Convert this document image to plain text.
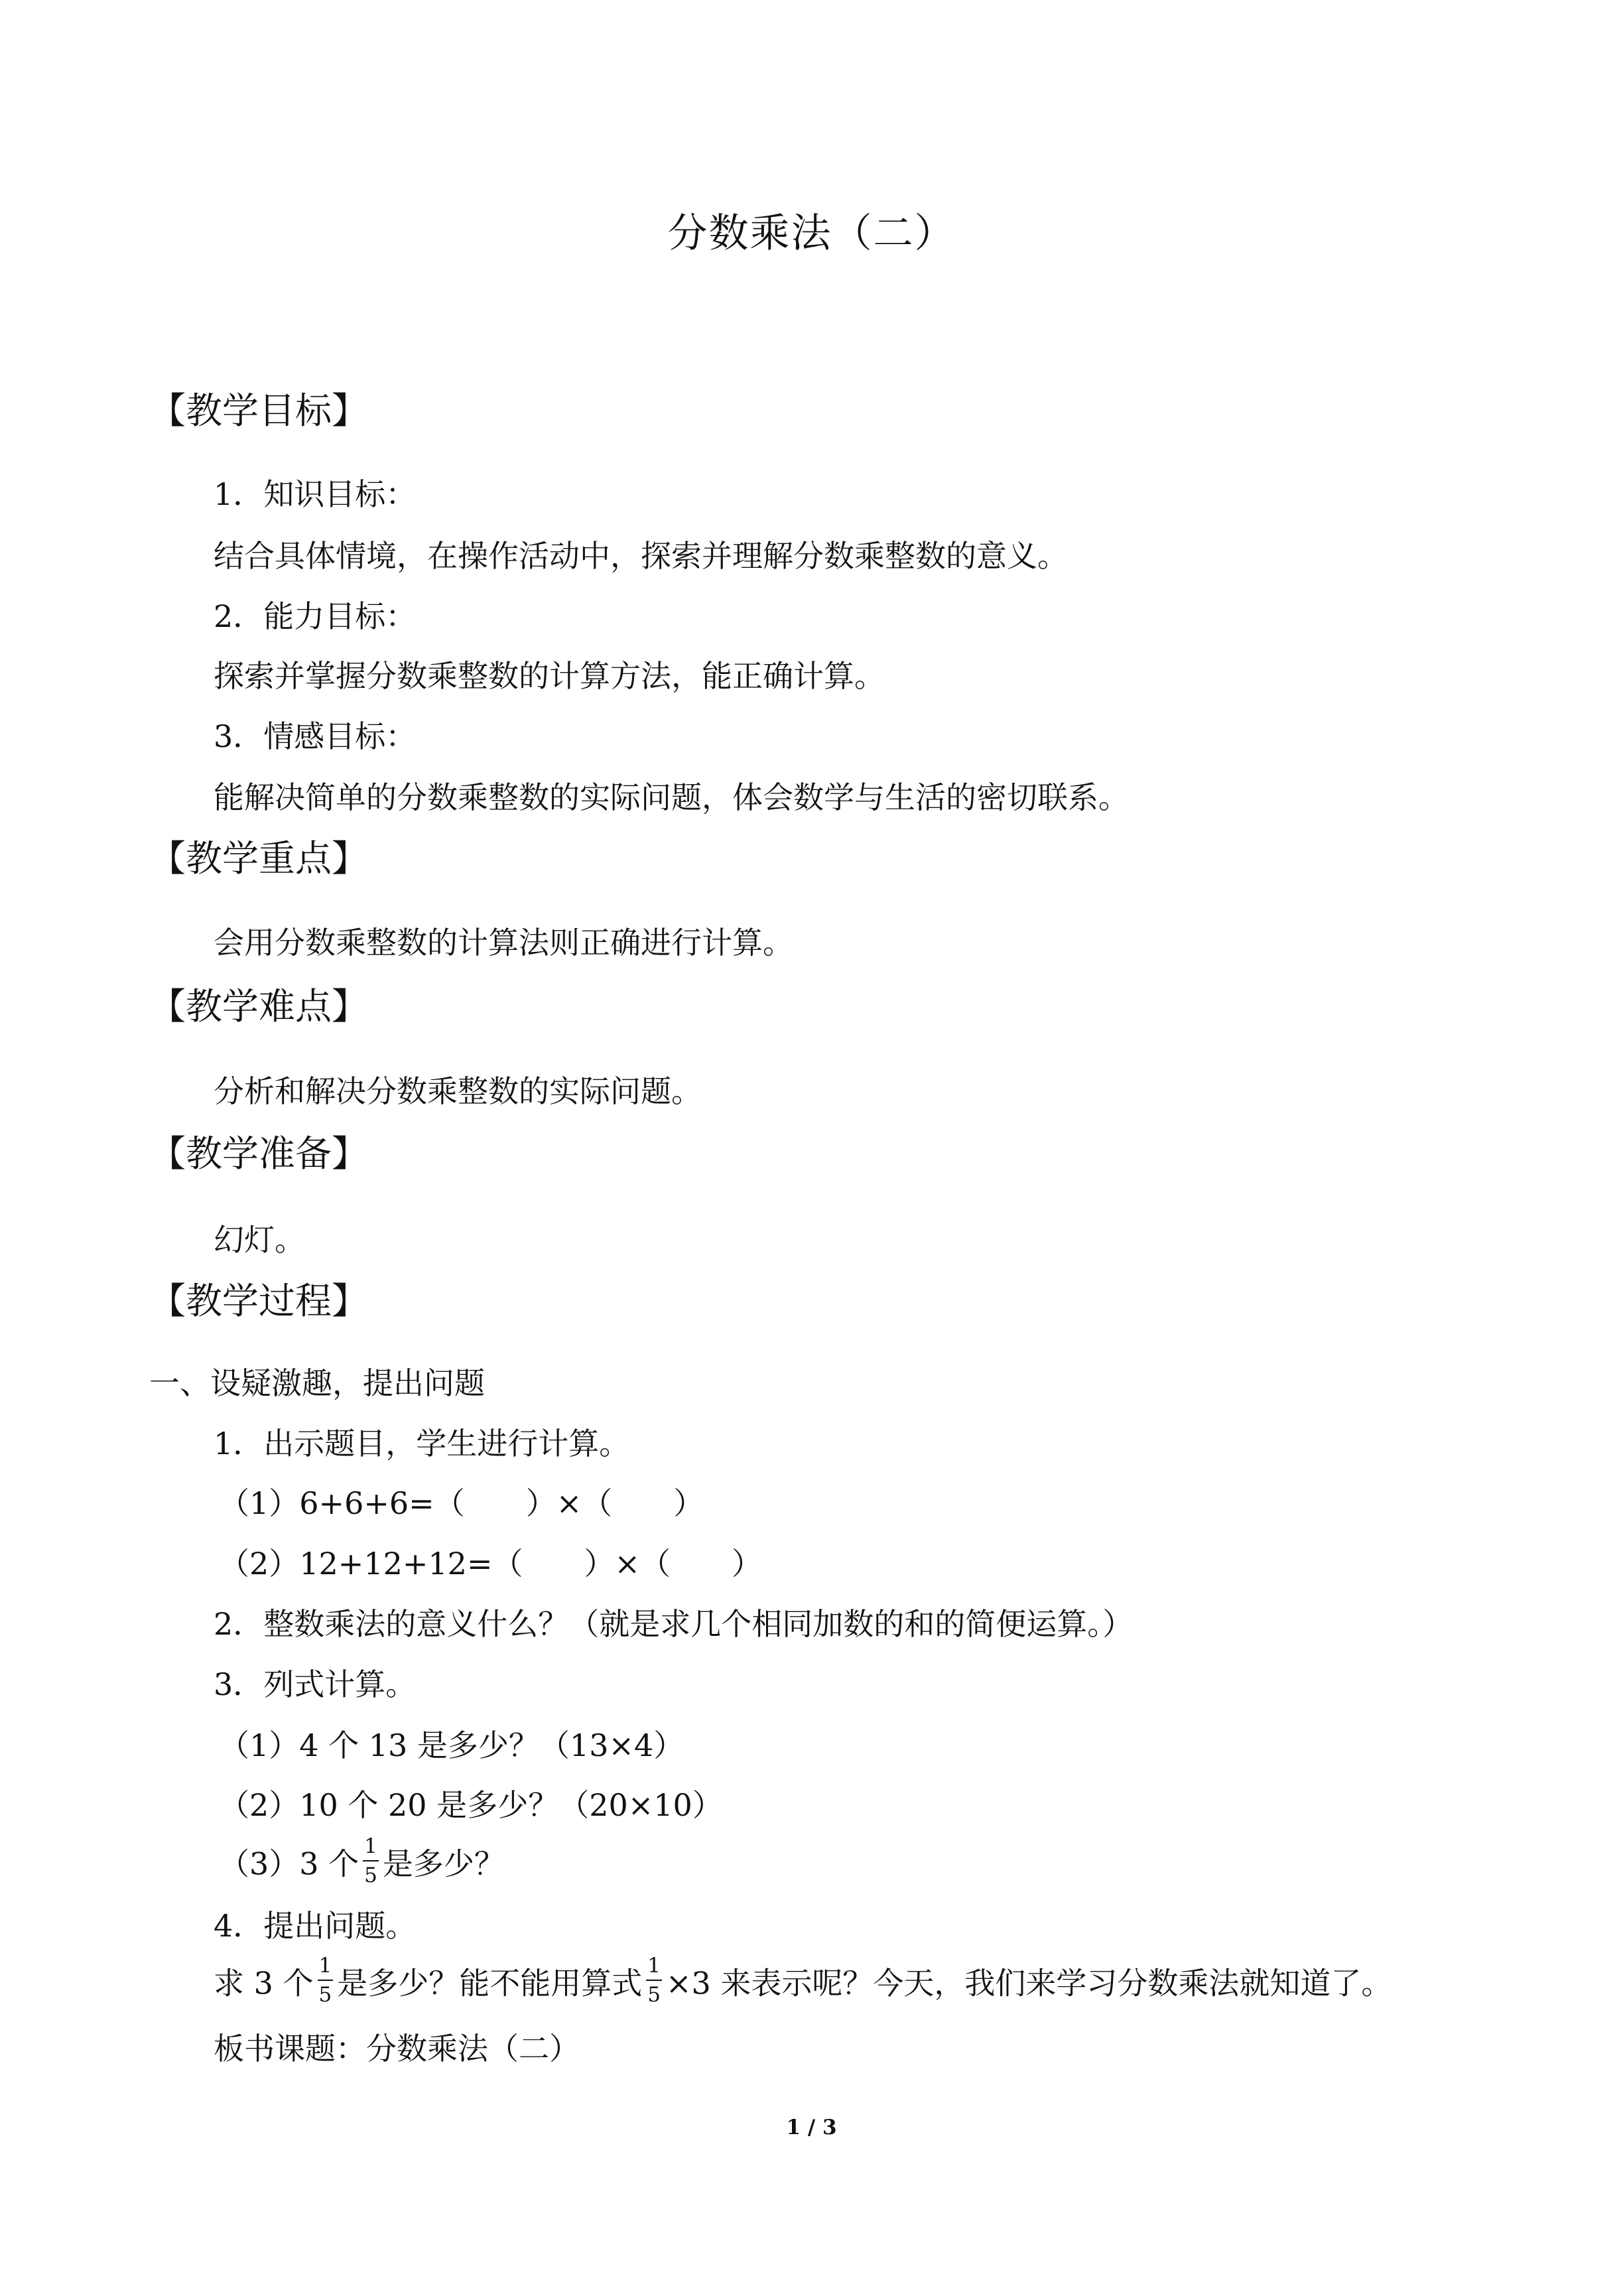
分数乘法（二）
【教学目标】
1．知识目标：
结合具体情境，在操作活动中，探索并理解分数乘整数的意义。
2．能力目标：
探索并掌握分数乘整数的计算方法，能正确计算。
3．情感目标：
能解决简单的分数乘整数的实际问题，体会数学与生活的密切联系。
【教学重点】
会用分数乘整数的计算法则正确进行计算。
【教学难点】
分析和解决分数乘整数的实际问题。
【教学准备】
幻灯。
【教学过程】
一、设疑激趣，提出问题
1．出示题目，学生进行计算。
（1）6+6+6=（　　）×（　　）
（2）12+12+12=（　　）×（　　）
2．整数乘法的意义什么？（就是求几个相同加数的和的简便运算。）
3．列式计算。
（1）4 个 13 是多少？（13×4）
（2）10 个 20 是多少？（20×10）
（3）3 个 $\frac{1}{5}$ 是多少？
4．提出问题。
求 3 个 $\frac{1}{5}$ 是多少？能不能用算式 $\frac{1}{5} \times 3$ 来表示呢？今天，我们来学习分数乘法就知道了。
板书课题：分数乘法（二）
1 / 3
